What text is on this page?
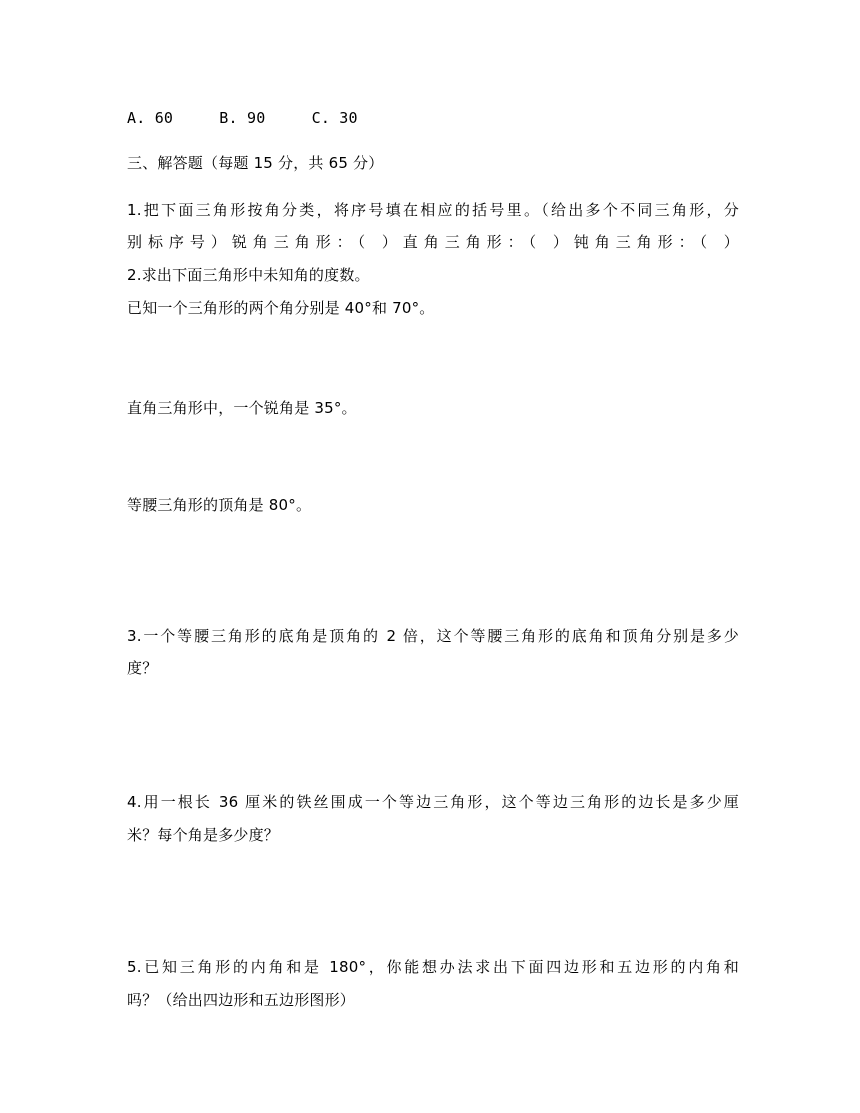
A. 60     B. 90     C. 30
三、解答题（每题 15 分，共 65 分）
1.把下面三角形按角分类，将序号填在相应的括号里。（给出多个不同三角形，分
别标序号）锐角三角形：（ ）直角三角形：（ ）钝角三角形：（ ）
2.求出下面三角形中未知角的度数。
已知一个三角形的两个角分别是 40°和 70°。
直角三角形中，一个锐角是 35°。
等腰三角形的顶角是 80°。
3.一个等腰三角形的底角是顶角的 2 倍，这个等腰三角形的底角和顶角分别是多少
度？
4.用一根长 36 厘米的铁丝围成一个等边三角形，这个等边三角形的边长是多少厘
米？每个角是多少度？
5.已知三角形的内角和是 180°，你能想办法求出下面四边形和五边形的内角和
吗？（给出四边形和五边形图形）
